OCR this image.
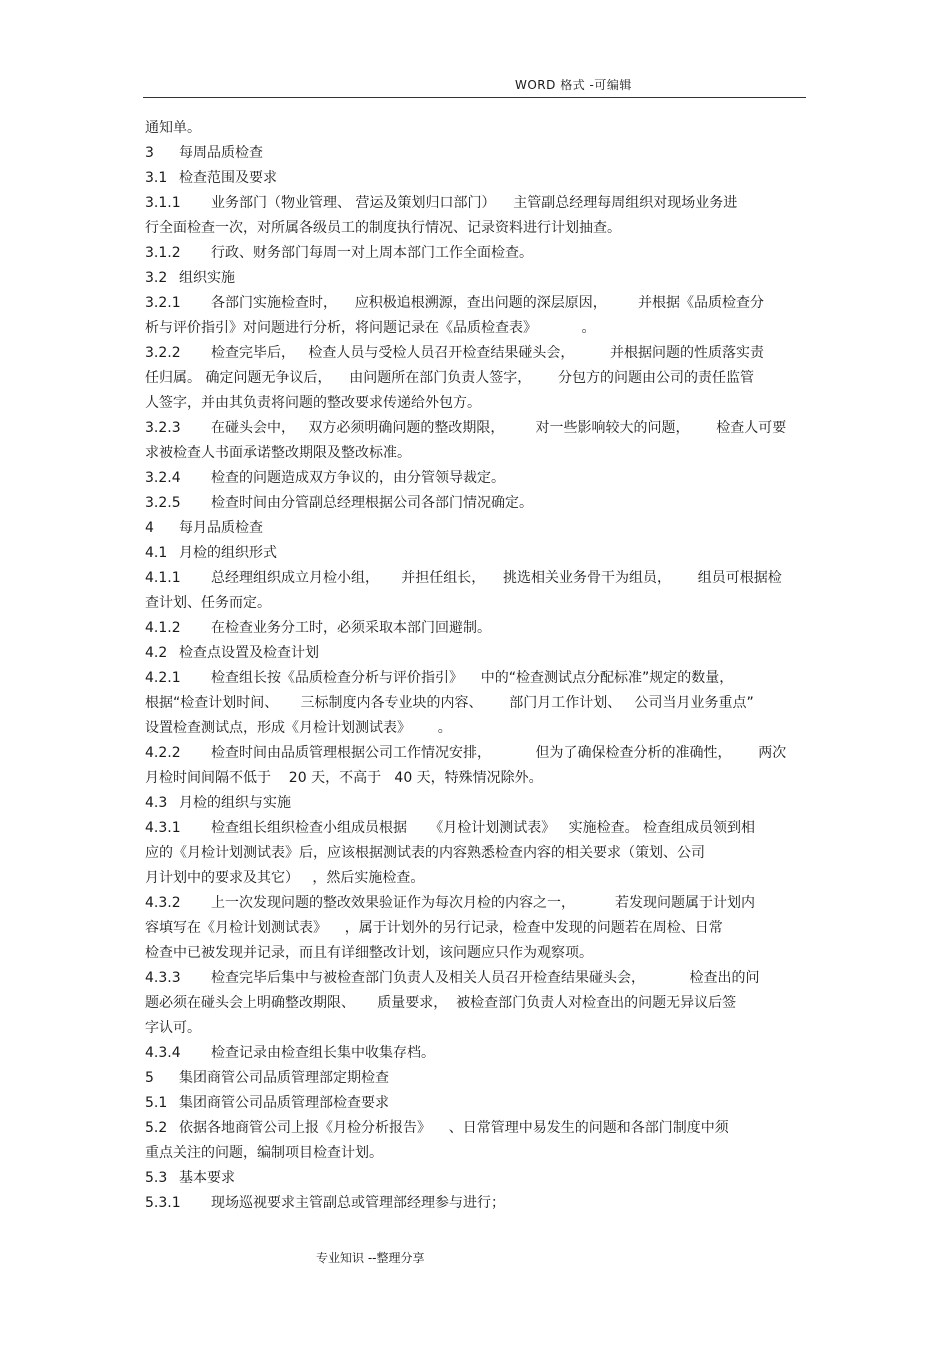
WORD 格式 -可编辑
通知单。
3 每周品质检查
3.1 检查范围及要求
3.1.1 业务部门（物业管理、 营运及策划归口部门）    主管副总经理每周组织对现场业务进
行全面检查一次，对所属各级员工的制度执行情况、记录资料进行计划抽查。
3.1.2 行政、财务部门每周一对上周本部门工作全面检查。
3.2 组织实施
3.2.1 各部门实施检查时，    应积极追根溯源，查出问题的深层原因，       并根据《品质检查分
析与评价指引》对问题进行分析，将问题记录在《品质检查表》          。
3.2.2 检查完毕后，   检查人员与受检人员召开检查结果碰头会，        并根据问题的性质落实责
任归属。 确定问题无争议后，    由问题所在部门负责人签字，      分包方的问题由公司的责任监管
人签字，并由其负责将问题的整改要求传递给外包方。
3.2.3 在碰头会中，   双方必须明确问题的整改期限，       对一些影响较大的问题，      检查人可要
求被检查人书面承诺整改期限及整改标准。
3.2.4 检查的问题造成双方争议的，由分管领导裁定。
3.2.5 检查时间由分管副总经理根据公司各部门情况确定。
4 每月品质检查
4.1 月检的组织形式
4.1.1 总经理组织成立月检小组，     并担任组长，    挑选相关业务骨干为组员，      组员可根据检
查计划、任务而定。
4.1.2 在检查业务分工时，必须采取本部门回避制。
4.2 检查点设置及检查计划
4.2.1 检查组长按《品质检查分析与评价指引》    中的“检查测试点分配标准”规定的数量，
根据“检查计划时间、     三标制度内各专业块的内容、      部门月工作计划、   公司当月业务重点”
设置检查测试点，形成《月检计划测试表》      。
4.2.2 检查时间由品质管理根据公司工作情况安排，          但为了确保检查分析的准确性，      两次
月检时间间隔不低于    20 天，不高于   40 天，特殊情况除外。
4.3 月检的组织与实施
4.3.1 检查组长组织检查小组成员根据     《月检计划测试表》   实施检查。 检查组成员领到相
应的《月检计划测试表》后，应该根据测试表的内容熟悉检查内容的相关要求（策划、公司
月计划中的要求及其它）   ，然后实施检查。
4.3.2 上一次发现问题的整改效果验证作为每次月检的内容之一，         若发现问题属于计划内
容填写在《月检计划测试表》    ，属于计划外的另行记录，检查中发现的问题若在周检、日常
检查中已被发现并记录，而且有详细整改计划，该问题应只作为观察项。
4.3.3 检查完毕后集中与被检查部门负责人及相关人员召开检查结果碰头会，          检查出的问
题必须在碰头会上明确整改期限、     质量要求，  被检查部门负责人对检查出的问题无异议后签
字认可。
4.3.4 检查记录由检查组长集中收集存档。
5 集团商管公司品质管理部定期检查
5.1 集团商管公司品质管理部检查要求
5.2 依据各地商管公司上报《月检分析报告》    、日常管理中易发生的问题和各部门制度中须
重点关注的问题，编制项目检查计划。
5.3 基本要求
5.3.1 现场巡视要求主管副总或管理部经理参与进行；
专业知识 --整理分享
